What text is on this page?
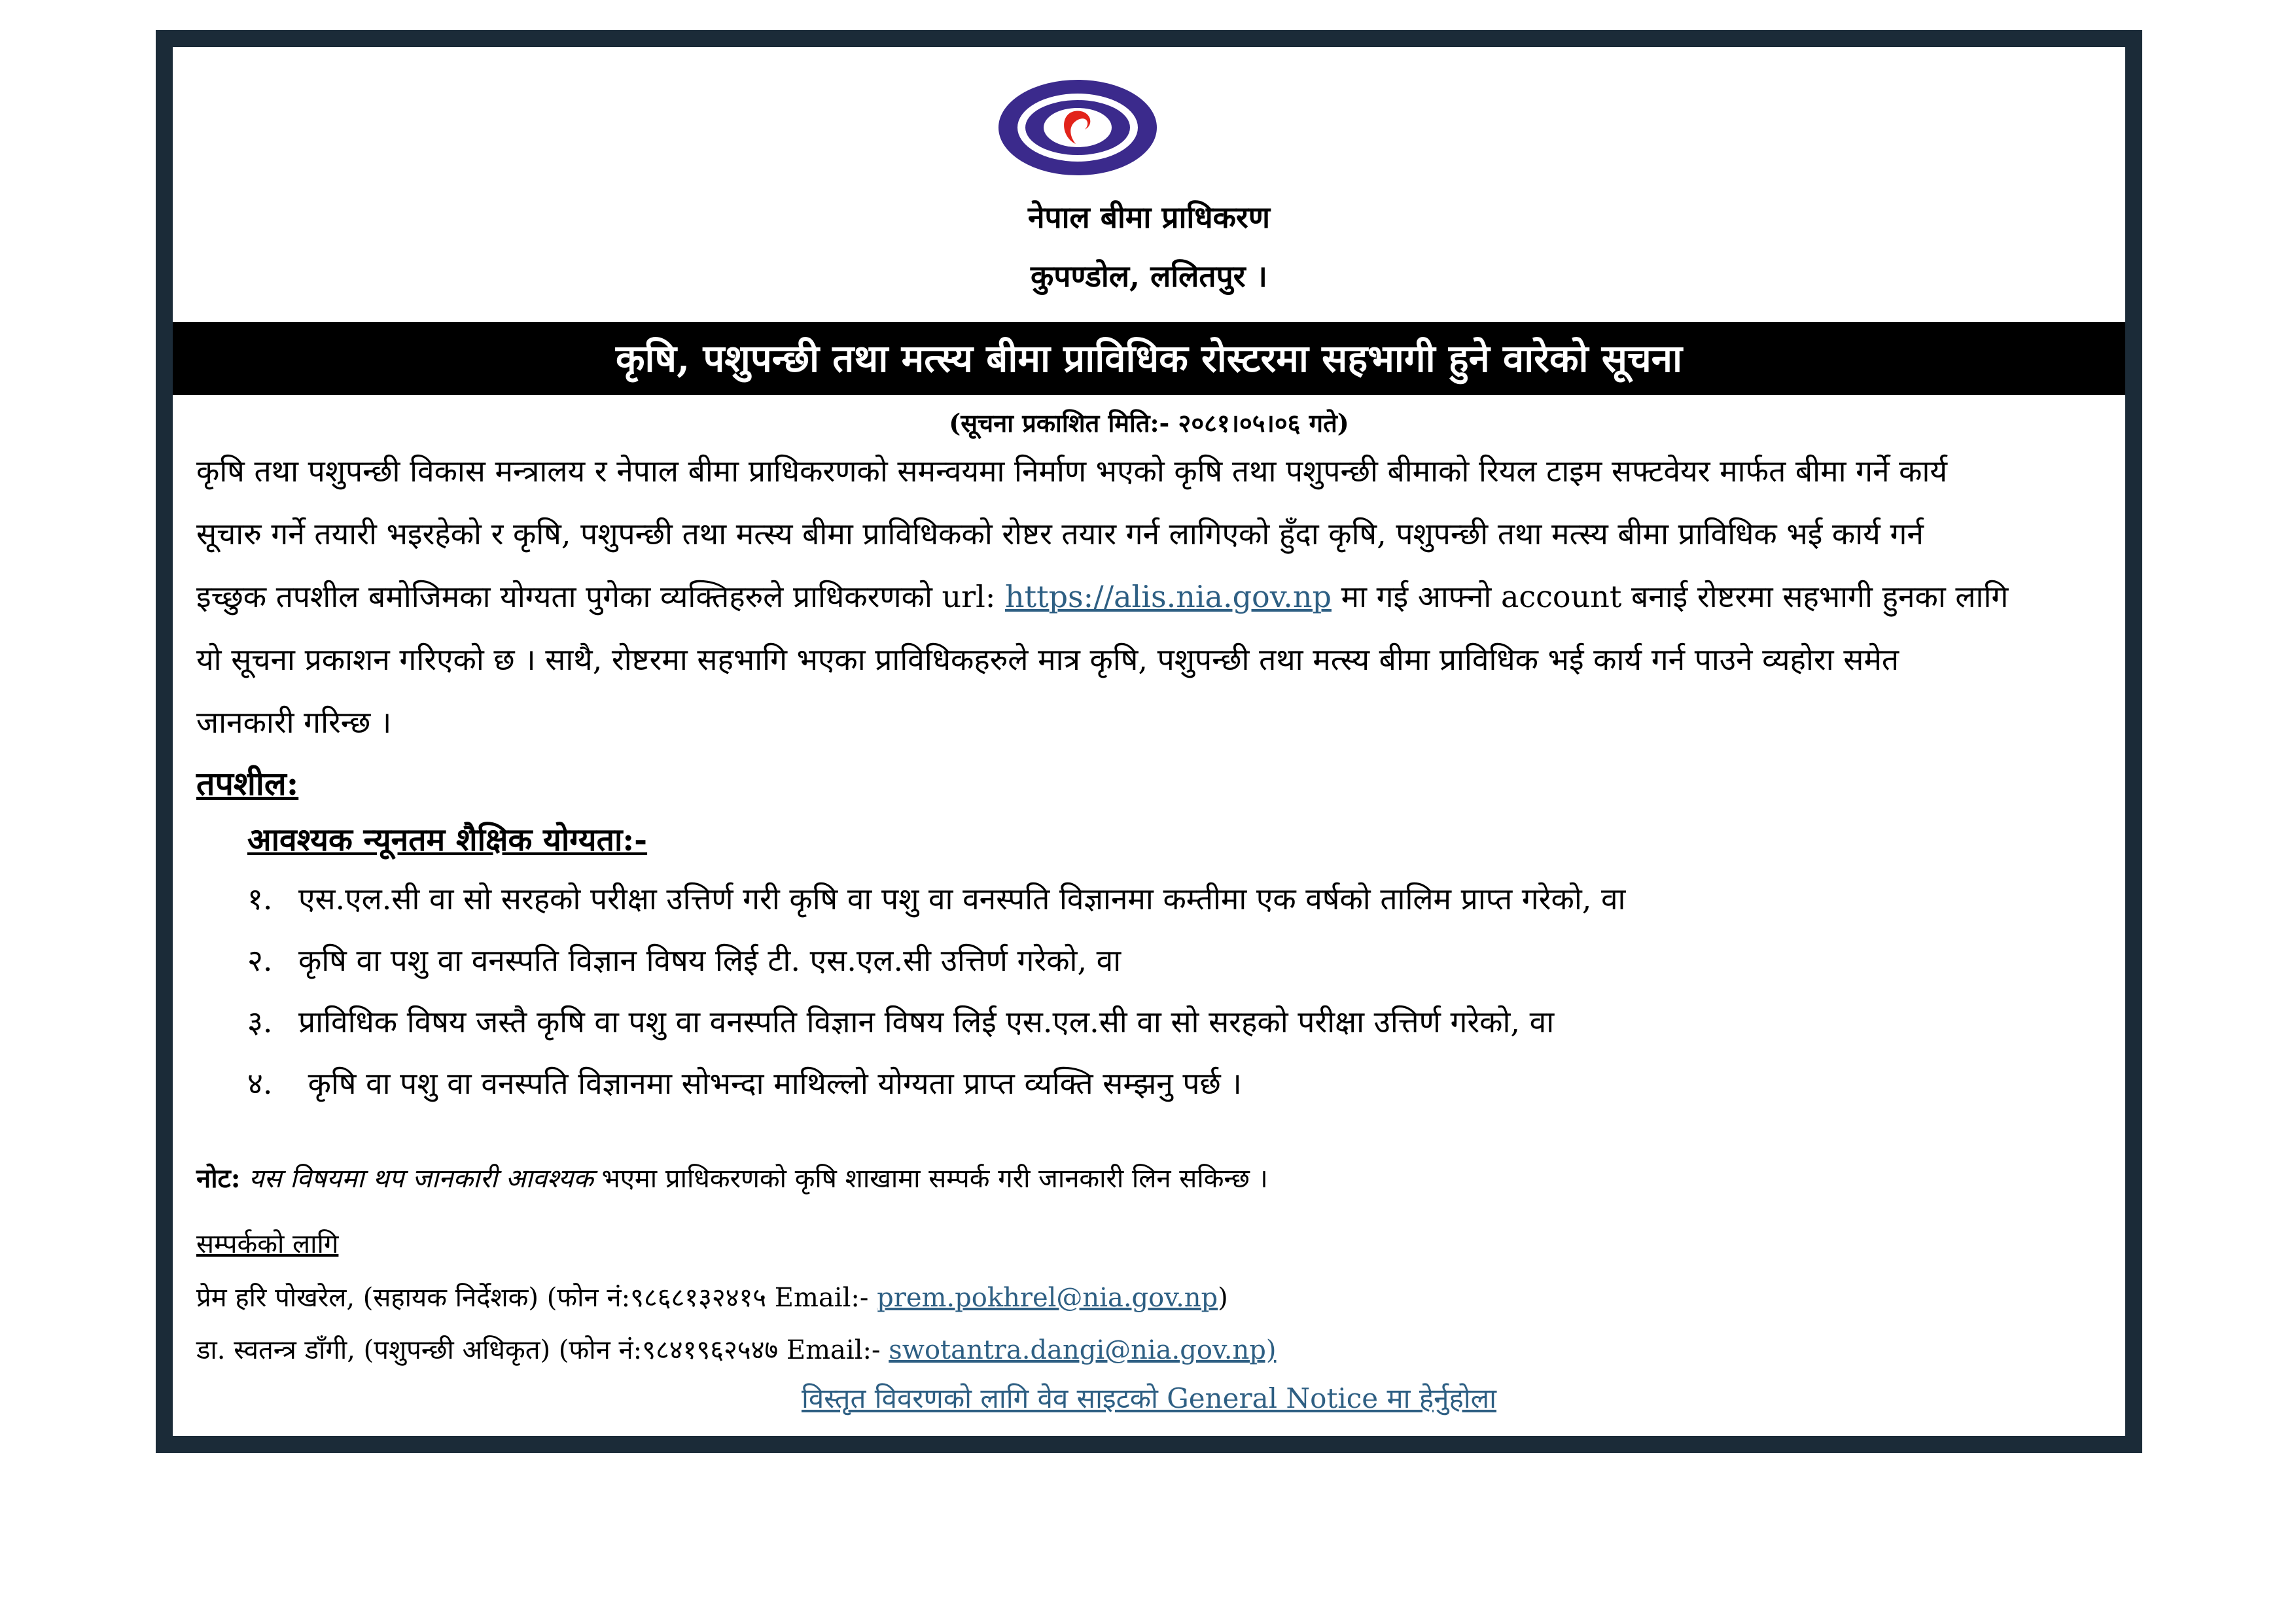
नेपाल बीमा प्राधिकरण
कुपण्डोल, ललितपुर ।
कृषि, पशुपन्छी तथा मत्स्य बीमा प्राविधिक रोस्टरमा सहभागी हुने वारेको सूचना
(सूचना प्रकाशित मिति:- २०८१।०५।०६ गते)
कृषि तथा पशुपन्छी विकास मन्त्रालय र नेपाल बीमा प्राधिकरणको समन्वयमा निर्माण भएको कृषि तथा पशुपन्छी बीमाको रियल टाइम सफ्टवेयर मार्फत बीमा गर्ने कार्य
सूचारु गर्ने तयारी भइरहेको र कृषि, पशुपन्छी तथा मत्स्य बीमा प्राविधिकको रोष्टर तयार गर्न लागिएको हुँदा कृषि, पशुपन्छी तथा मत्स्य बीमा प्राविधिक भई कार्य गर्न
इच्छुक तपशील बमोजिमका योग्यता पुगेका व्यक्तिहरुले प्राधिकरणको url: https://alis.nia.gov.np मा गई आफ्नो account बनाई रोष्टरमा सहभागी हुनका लागि
यो सूचना प्रकाशन गरिएको छ । साथै, रोष्टरमा सहभागि भएका प्राविधिकहरुले मात्र कृषि, पशुपन्छी तथा मत्स्य बीमा प्राविधिक भई कार्य गर्न पाउने व्यहोरा समेत
जानकारी गरिन्छ ।
तपशील:
आवश्यक न्यूनतम शैक्षिक योग्यता:-
१. एस.एल.सी वा सो सरहको परीक्षा उत्तिर्ण गरी कृषि वा पशु वा वनस्पति विज्ञानमा कम्तीमा एक वर्षको तालिम प्राप्त गरेको, वा
२. कृषि वा पशु वा वनस्पति विज्ञान विषय लिई टी. एस.एल.सी उत्तिर्ण गरेको, वा
३. प्राविधिक विषय जस्तै कृषि वा पशु वा वनस्पति विज्ञान विषय लिई एस.एल.सी वा सो सरहको परीक्षा उत्तिर्ण गरेको, वा
४. कृषि वा पशु वा वनस्पति विज्ञानमा सोभन्दा माथिल्लो योग्यता प्राप्त व्यक्ति सम्झनु पर्छ ।
नोट: यस विषयमा थप जानकारी आवश्यक भएमा प्राधिकरणको कृषि शाखामा सम्पर्क गरी जानकारी लिन सकिन्छ ।
सम्पर्कको लागि
प्रेम हरि पोखरेल, (सहायक निर्देशक) (फोन नं:९८६८१३२४१५ Email:- prem.pokhrel@nia.gov.np)
डा. स्वतन्त्र डाँगी, (पशुपन्छी अधिकृत) (फोन नं:९८४१९६२५४७ Email:- swotantra.dangi@nia.gov.np)
विस्तृत विवरणको लागि वेव साइटको General Notice मा हेर्नुहोला
